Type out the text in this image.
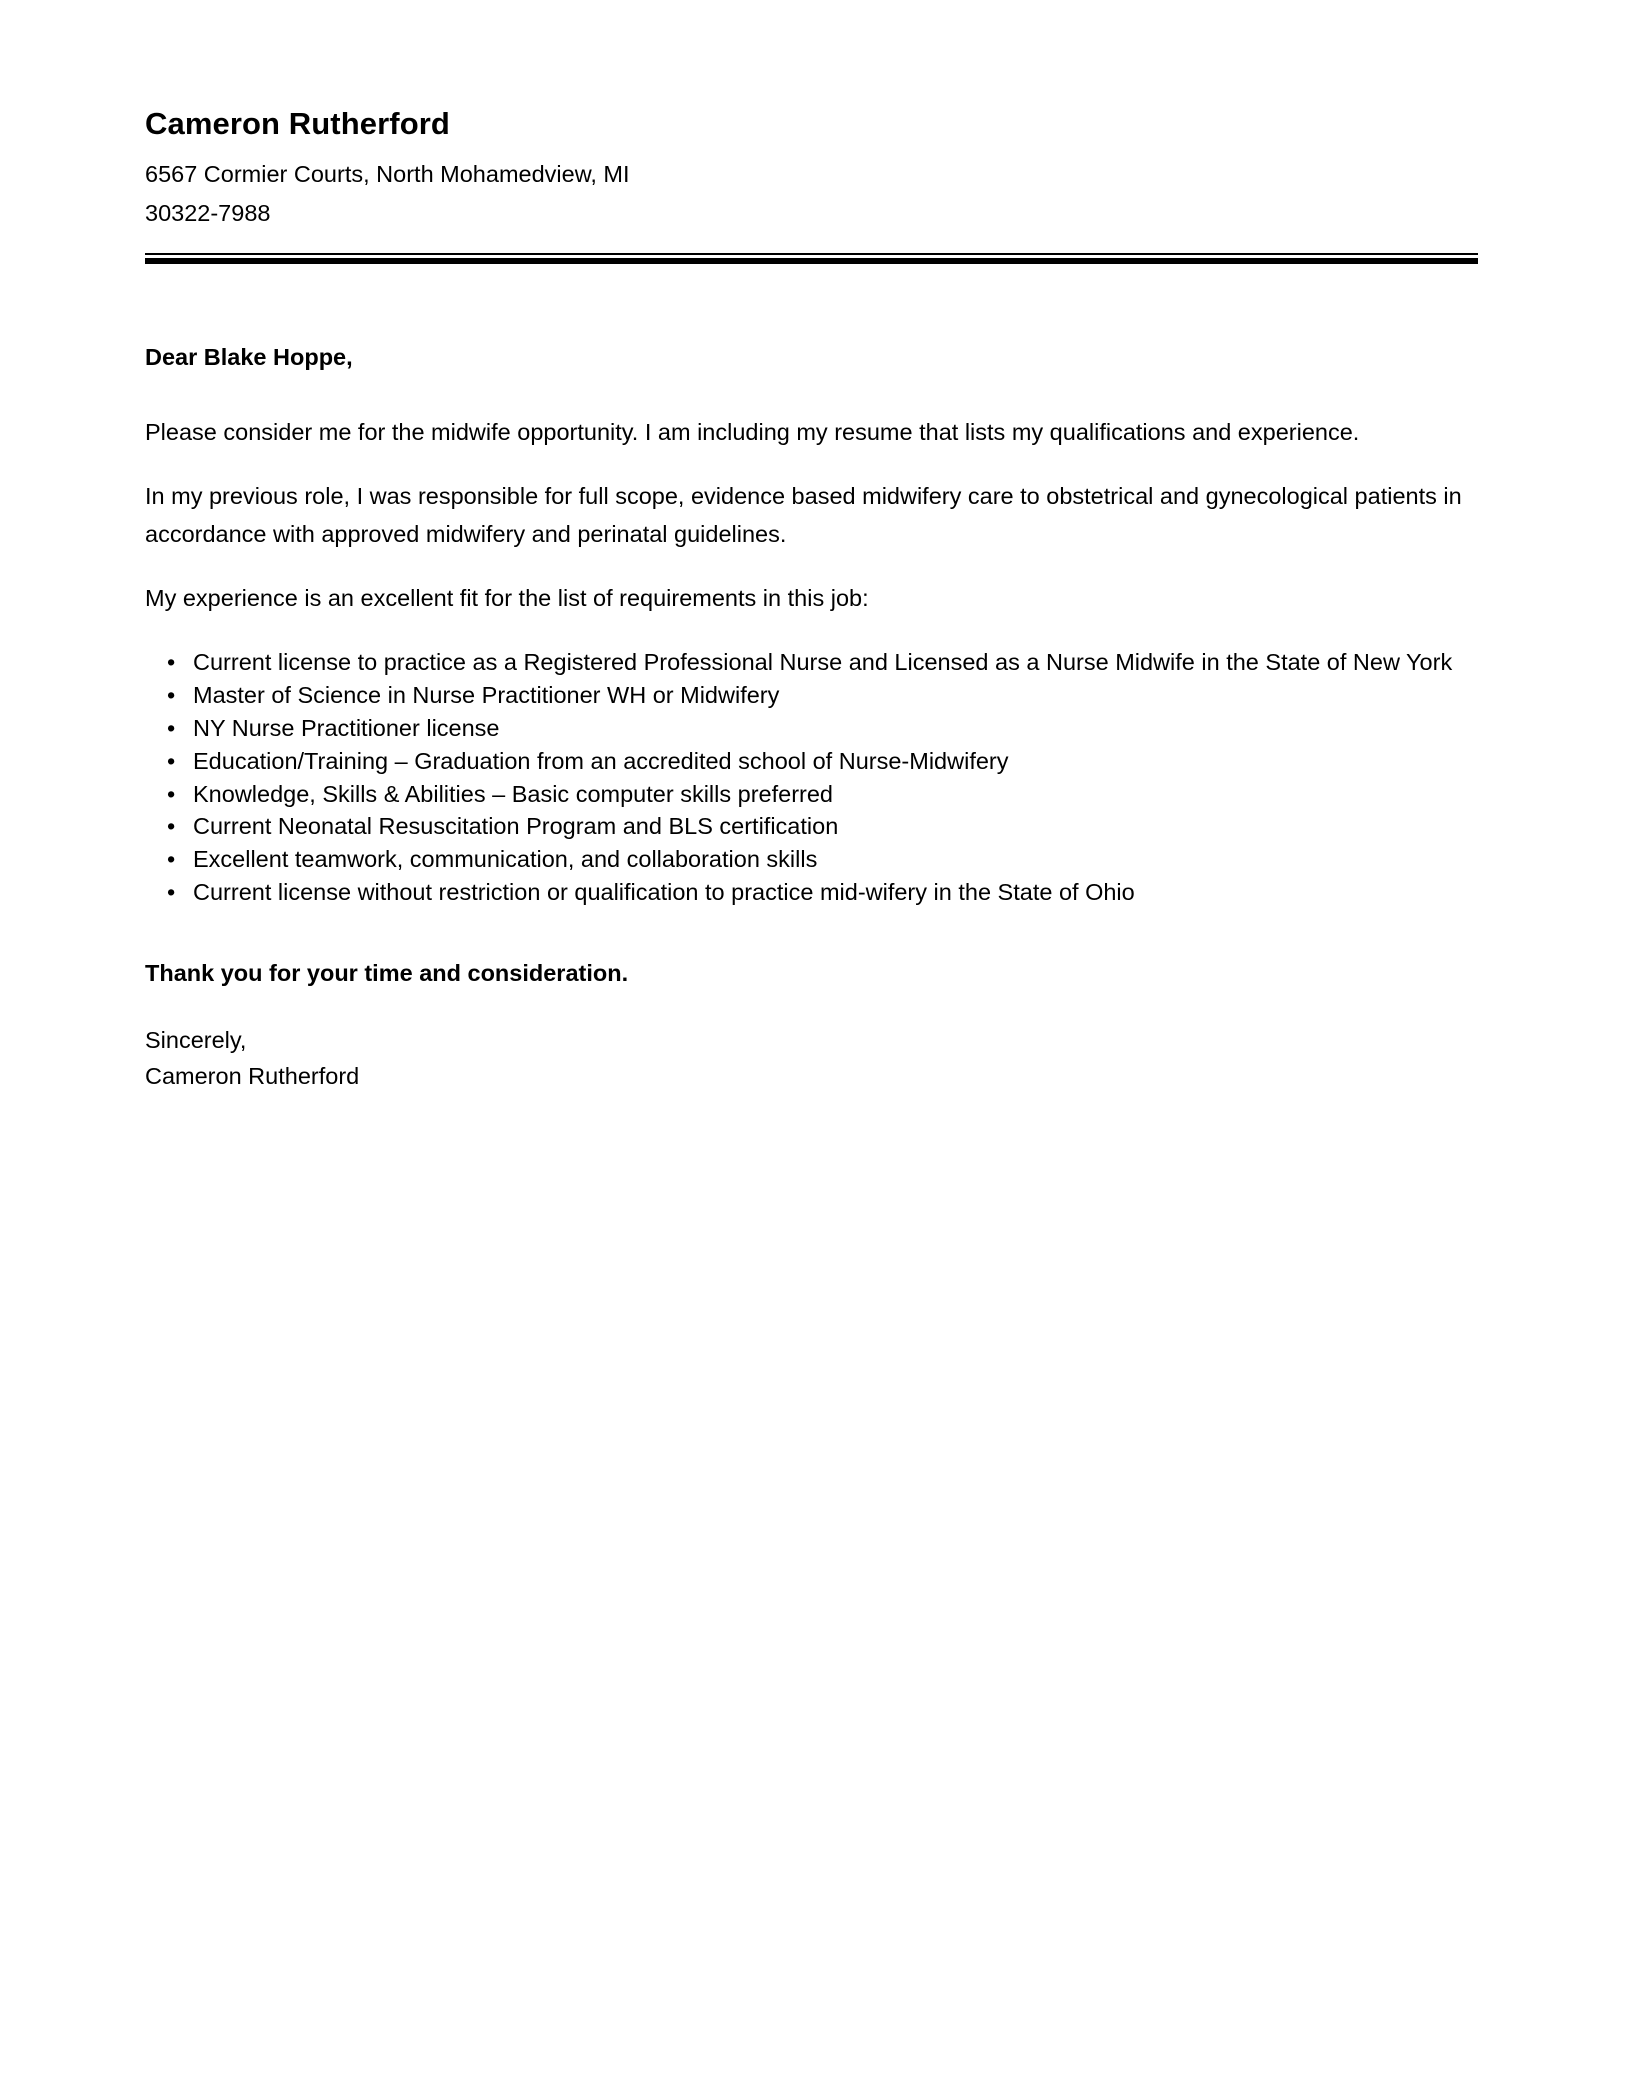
Cameron Rutherford

6567 Cormier Courts, North Mohamedview, MI

30322-7988

Dear Blake Hoppe,

Please consider me for the midwife opportunity. I am including my resume that lists my qualifications and experience.

In my previous role, I was responsible for full scope, evidence based midwifery care to obstetrical and gynecological patients in accordance with approved midwifery and perinatal guidelines.

My experience is an excellent fit for the list of requirements in this job:

• Current license to practice as a Registered Professional Nurse and Licensed as a Nurse Midwife in the State of New York
• Master of Science in Nurse Practitioner WH or Midwifery
• NY Nurse Practitioner license
• Education/Training – Graduation from an accredited school of Nurse-Midwifery
• Knowledge, Skills & Abilities – Basic computer skills preferred
• Current Neonatal Resuscitation Program and BLS certification
• Excellent teamwork, communication, and collaboration skills
• Current license without restriction or qualification to practice mid-wifery in the State of Ohio

Thank you for your time and consideration.

Sincerely,

Cameron Rutherford
